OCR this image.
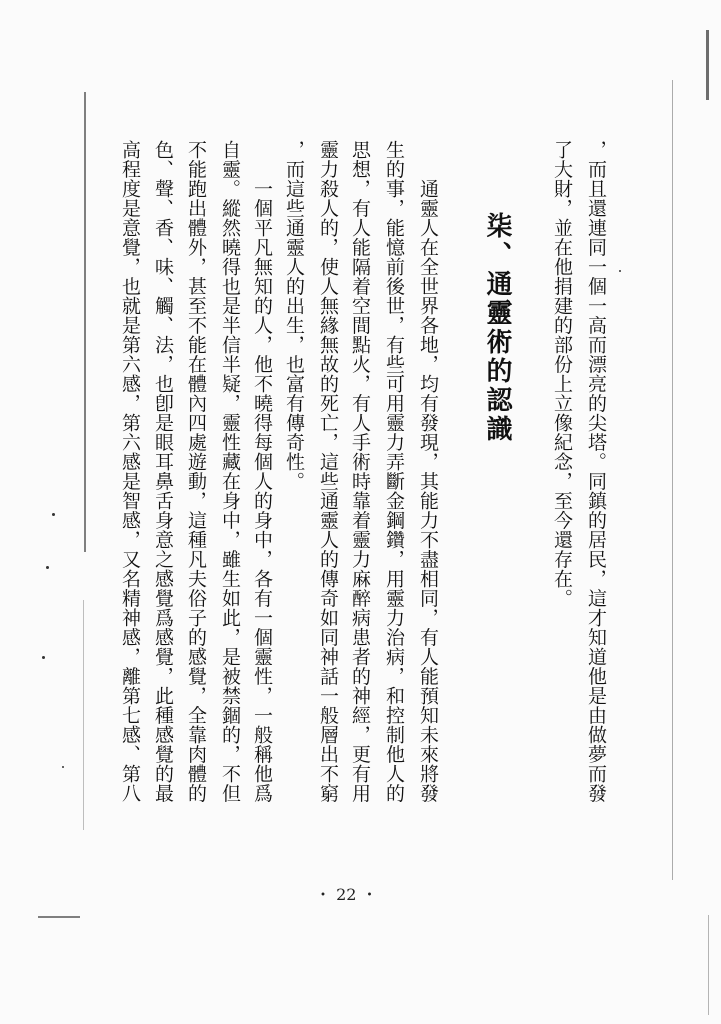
，而且還連同一個一高而漂亮的尖塔。同鎮的居民，這才知道他是由做夢而發

了大財，並在他捐建的部份上立像紀念，至今還存在。

柒、通靈術的認識

　　通靈人在全世界各地，均有發現，其能力不盡相同，有人能預知未來將發

生的事，能憶前後世，有些可用靈力弄斷金鋼鑽，用靈力治病，和控制他人的

思想，有人能隔着空間點火，有人手術時靠着靈力麻醉病患者的神經，更有用

靈力殺人的，使人無緣無故的死亡，這些通靈人的傳奇如同神話一般層出不窮

，而這些通靈人的出生，也富有傳奇性。

　　一個平凡無知的人，他不曉得每個人的身中，各有一個靈性，一般稱他爲

自靈。縱然曉得也是半信半疑，靈性藏在身中，雖生如此，是被禁錮的，不但

不能跑出體外，甚至不能在體內四處遊動，這種凡夫俗子的感覺，全靠肉體的

色、聲、香、味、觸、法，也卽是眼耳鼻舌身意之感覺爲感覺，此種感覺的最

高程度是意覺，也就是第六感，第六感是智感，又名精神感，離第七感、第八

・ 22 ・
